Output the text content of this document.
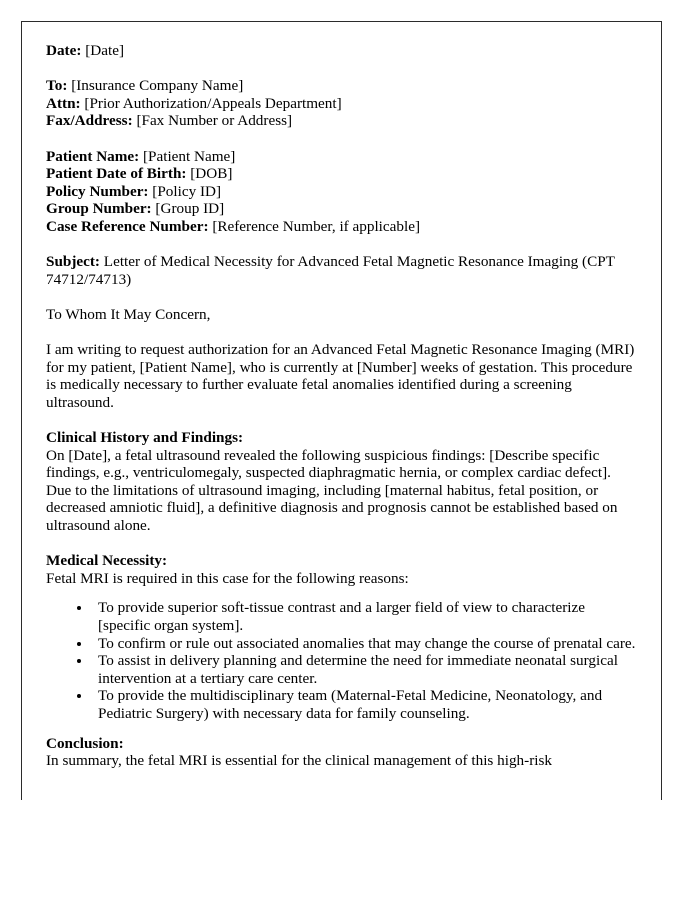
Date: [Date]
To: [Insurance Company Name]
Attn: [Prior Authorization/Appeals Department]
Fax/Address: [Fax Number or Address]
Patient Name: [Patient Name]
Patient Date of Birth: [DOB]
Policy Number: [Policy ID]
Group Number: [Group ID]
Case Reference Number: [Reference Number, if applicable]

Subject: Letter of Medical Necessity for Advanced Fetal Magnetic Resonance Imaging (CPT 74712/74713)

To Whom It May Concern,

I am writing to request authorization for an Advanced Fetal Magnetic Resonance Imaging (MRI) for my patient, [Patient Name], who is currently at [Number] weeks of gestation. This procedure is medically necessary to further evaluate fetal anomalies identified during a screening ultrasound.

Clinical History and Findings:

On [Date], a fetal ultrasound revealed the following suspicious findings: [Describe specific findings, e.g., ventriculomegaly, suspected diaphragmatic hernia, or complex cardiac defect]. Due to the limitations of ultrasound imaging, including [maternal habitus, fetal position, or decreased amniotic fluid], a definitive diagnosis and prognosis cannot be established based on ultrasound alone.

Medical Necessity:

Fetal MRI is required in this case for the following reasons:

• To provide superior soft-tissue contrast and a larger field of view to characterize [specific organ system].
• To confirm or rule out associated anomalies that may change the course of prenatal care.
• To assist in delivery planning and determine the need for immediate neonatal surgical intervention at a tertiary care center.
• To provide the multidisciplinary team (Maternal-Fetal Medicine, Neonatology, and Pediatric Surgery) with necessary data for family counseling.
Conclusion:

In summary, the fetal MRI is essential for the clinical management of this high-risk
